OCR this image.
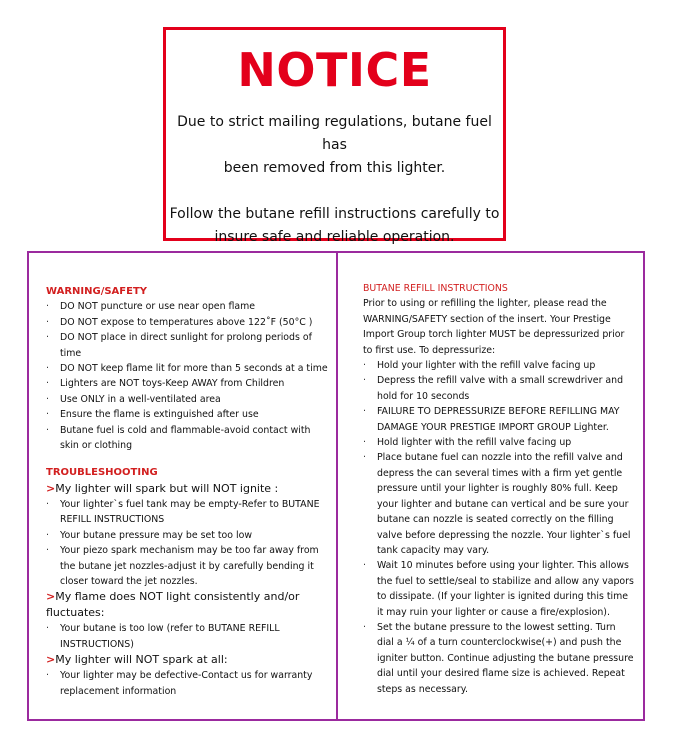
NOTICE

Due to strict mailing regulations, butane fuel has
been removed from this lighter.

Follow the butane refill instructions carefully to
insure safe and reliable operation.

WARNING/SAFETY
· DO NOT puncture or use near open flame
· DO NOT expose to temperatures above 122˚F (50°C )
· DO NOT place in direct sunlight for prolong periods of time
· DO NOT keep flame lit for more than 5 seconds at a time
· Lighters are NOT toys-Keep AWAY from Children
· Use ONLY in a well-ventilated area
· Ensure the flame is extinguished after use
· Butane fuel is cold and flammable-avoid contact with skin or clothing
TROUBLESHOOTING
>My lighter will spark but will NOT ignite :
· Your lighter`s fuel tank may be empty-Refer to BUTANE REFILL INSTRUCTIONS
· Your butane pressure may be set too low
· Your piezo spark mechanism may be too far away from the butane jet nozzles-adjust it by carefully bending it closer toward the jet nozzles.
>My flame does NOT light consistently and/or fluctuates:
· Your butane is too low (refer to BUTANE REFILL INSTRUCTIONS)
>My lighter will NOT spark at all:
· Your lighter may be defective-Contact us for warranty replacement information
BUTANE REFILL INSTRUCTIONS

Prior to using or refilling the lighter, please read the WARNING/SAFETY section of the insert. Your Prestige Import Group torch lighter MUST be depressurized prior to first use. To depressurize:

· Hold your lighter with the refill valve facing up
· Depress the refill valve with a small screwdriver and hold for 10 seconds
· FAILURE TO DEPRESSURIZE BEFORE REFILLING MAY DAMAGE YOUR PRESTIGE IMPORT GROUP Lighter.
· Hold lighter with the refill valve facing up
· Place butane fuel can nozzle into the refill valve and depress the can several times with a firm yet gentle pressure until your lighter is roughly 80% full. Keep your lighter and butane can vertical and be sure your butane can nozzle is seated correctly on the filling valve before depressing the nozzle. Your lighter`s fuel tank capacity may vary.
· Wait 10 minutes before using your lighter. This allows the fuel to settle/seal to stabilize and allow any vapors to dissipate. (If your lighter is ignited during this time it may ruin your lighter or cause a fire/explosion).
· Set the butane pressure to the lowest setting. Turn dial a ¼ of a turn counterclockwise(+) and push the igniter button. Continue adjusting the butane pressure dial until your desired flame size is achieved. Repeat steps as necessary.
